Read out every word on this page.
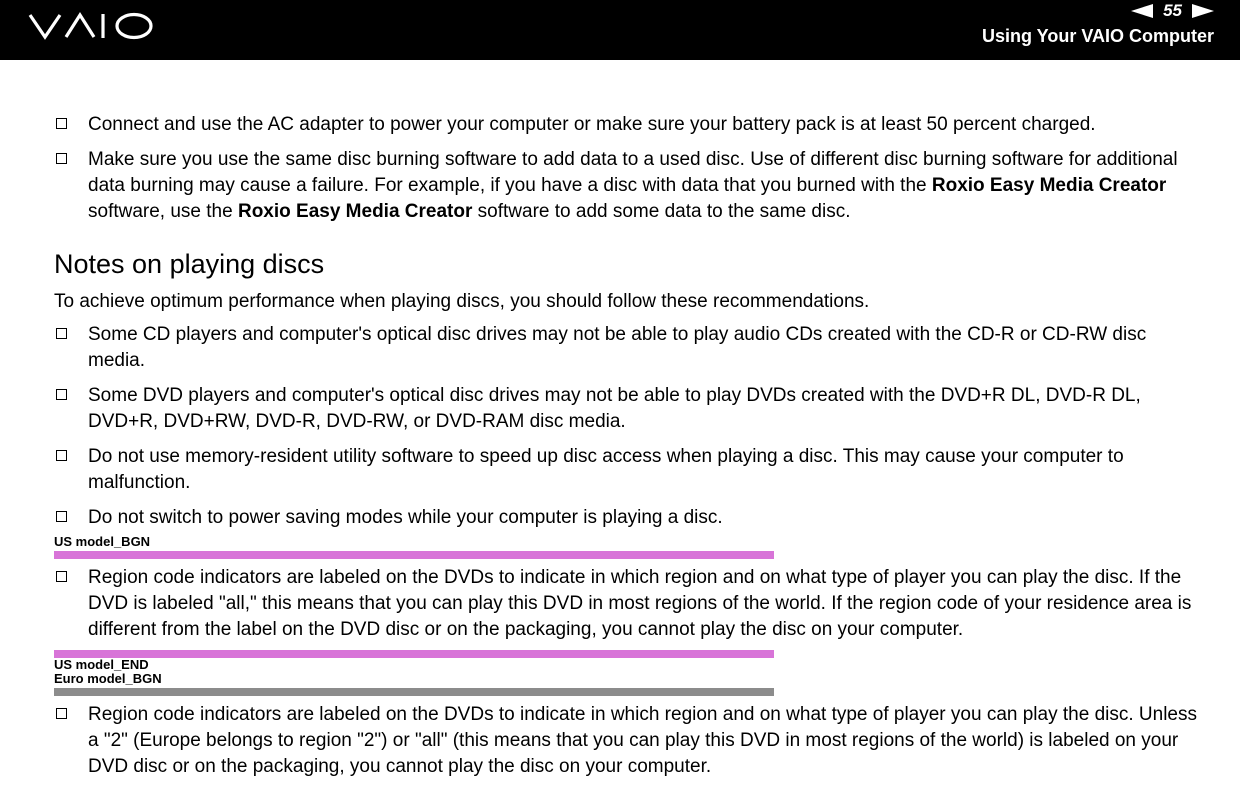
55
Using Your VAIO Computer
Connect and use the AC adapter to power your computer or make sure your battery pack is at least 50 percent charged.
Make sure you use the same disc burning software to add data to a used disc. Use of different disc burning software for additional data burning may cause a failure. For example, if you have a disc with data that you burned with the Roxio Easy Media Creator software, use the Roxio Easy Media Creator software to add some data to the same disc.
Notes on playing discs
To achieve optimum performance when playing discs, you should follow these recommendations.
Some CD players and computer's optical disc drives may not be able to play audio CDs created with the CD-R or CD-RW disc media.
Some DVD players and computer's optical disc drives may not be able to play DVDs created with the DVD+R DL, DVD-R DL, DVD+R, DVD+RW, DVD-R, DVD-RW, or DVD-RAM disc media.
Do not use memory-resident utility software to speed up disc access when playing a disc. This may cause your computer to malfunction.
Do not switch to power saving modes while your computer is playing a disc.
US model_BGN
Region code indicators are labeled on the DVDs to indicate in which region and on what type of player you can play the disc. If the DVD is labeled "all," this means that you can play this DVD in most regions of the world. If the region code of your residence area is different from the label on the DVD disc or on the packaging, you cannot play the disc on your computer.
US model_END
Euro model_BGN
Region code indicators are labeled on the DVDs to indicate in which region and on what type of player you can play the disc. Unless a "2" (Europe belongs to region "2") or "all" (this means that you can play this DVD in most regions of the world) is labeled on your DVD disc or on the packaging, you cannot play the disc on your computer.
